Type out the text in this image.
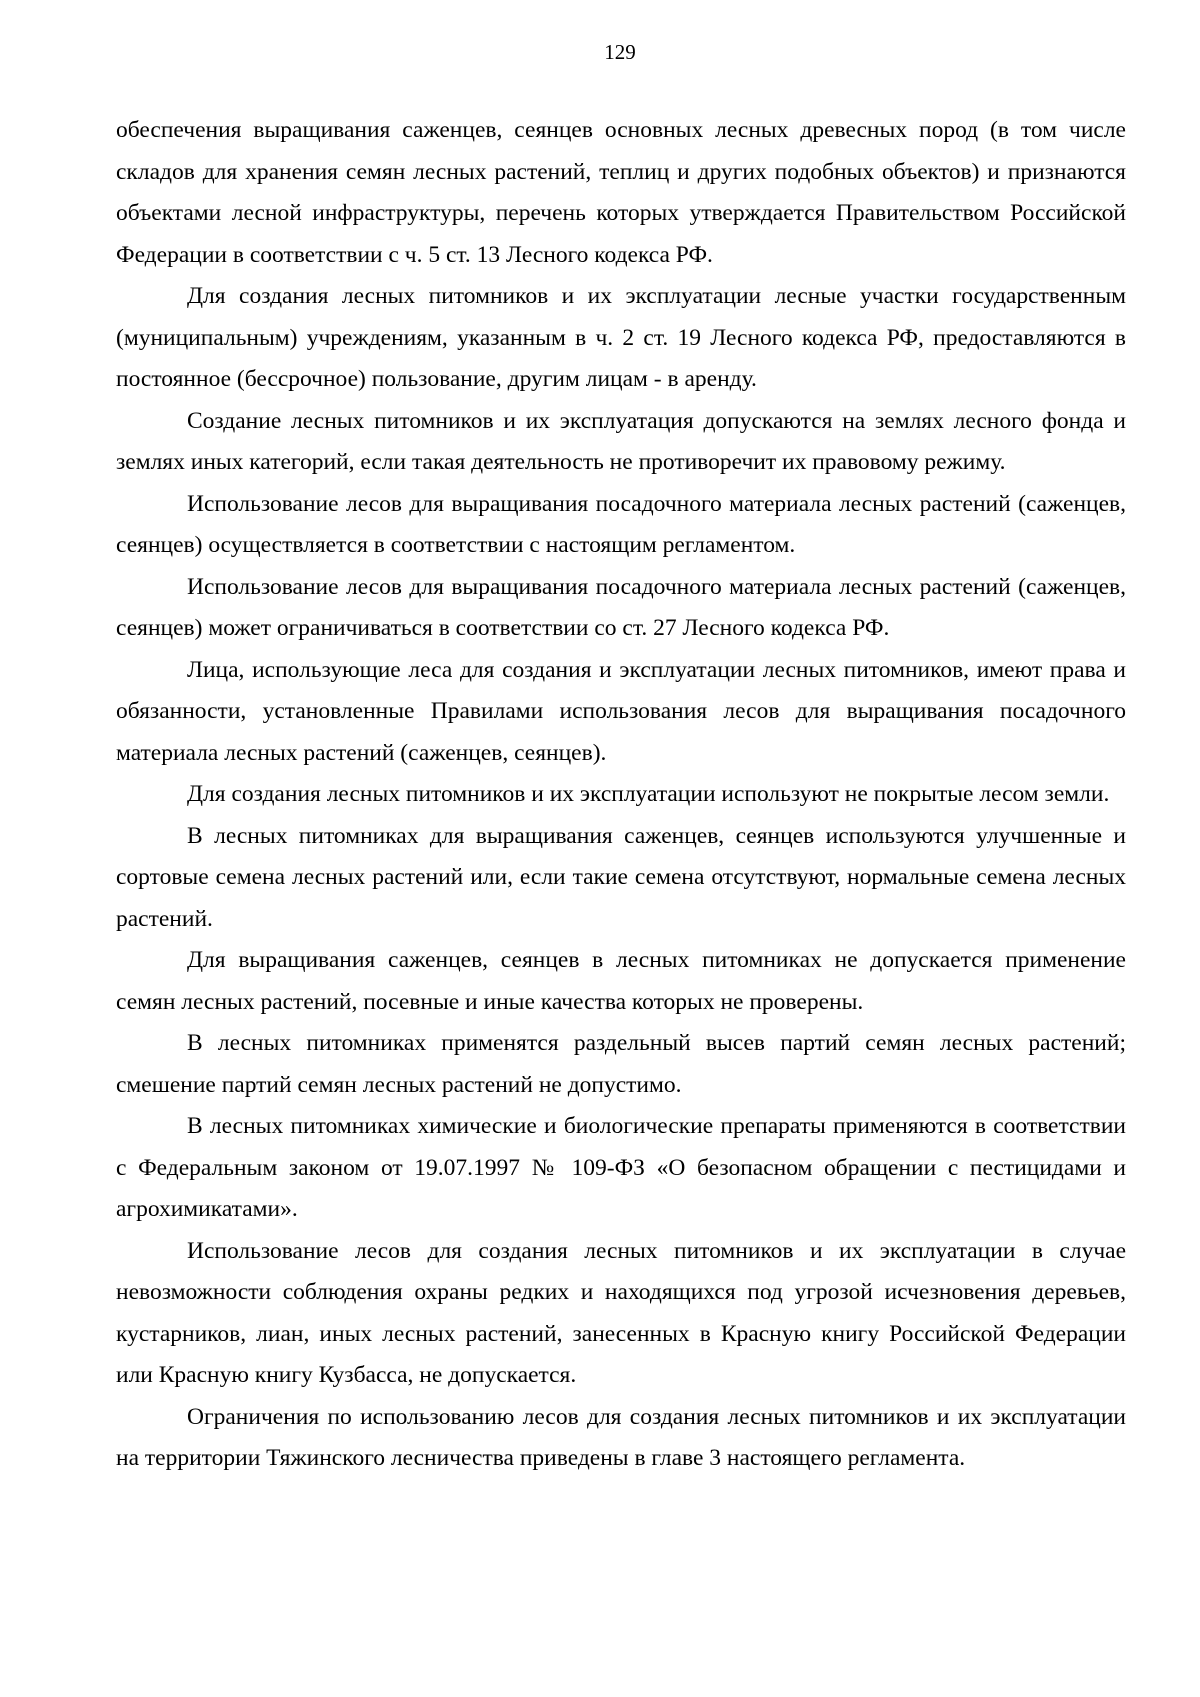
129

обеспечения выращивания саженцев, сеянцев основных лесных древесных пород (в том числе складов для хранения семян лесных растений, теплиц и других подобных объектов) и признаются объектами лесной инфраструктуры, перечень которых утверждается Правительством Российской Федерации в соответствии с ч. 5 ст. 13 Лесного кодекса РФ.

Для создания лесных питомников и их эксплуатации лесные участки государственным (муниципальным) учреждениям, указанным в ч. 2 ст. 19 Лесного кодекса РФ, предоставляются в постоянное (бессрочное) пользование, другим лицам - в аренду.

Создание лесных питомников и их эксплуатация допускаются на землях лесного фонда и землях иных категорий, если такая деятельность не противоречит их правовому режиму.

Использование лесов для выращивания посадочного материала лесных растений (саженцев, сеянцев) осуществляется в соответствии с настоящим регламентом.

Использование лесов для выращивания посадочного материала лесных растений (саженцев, сеянцев) может ограничиваться в соответствии со ст. 27 Лесного кодекса РФ.

Лица, использующие леса для создания и эксплуатации лесных питомников, имеют права и обязанности, установленные Правилами использования лесов для выращивания посадочного материала лесных растений (саженцев, сеянцев).

Для создания лесных питомников и их эксплуатации используют не покрытые лесом земли.

В лесных питомниках для выращивания саженцев, сеянцев используются улучшенные и сортовые семена лесных растений или, если такие семена отсутствуют, нормальные семена лесных растений.

Для выращивания саженцев, сеянцев в лесных питомниках не допускается применение семян лесных растений, посевные и иные качества которых не проверены.

В лесных питомниках применятся раздельный высев партий семян лесных растений; смешение партий семян лесных растений не допустимо.

В лесных питомниках химические и биологические препараты применяются в соответствии с Федеральным законом от 19.07.1997 № 109-ФЗ «О безопасном обращении с пестицидами и агрохимикатами».

Использование лесов для создания лесных питомников и их эксплуатации в случае невозможности соблюдения охраны редких и находящихся под угрозой исчезновения деревьев, кустарников, лиан, иных лесных растений, занесенных в Красную книгу Российской Федерации или Красную книгу Кузбасса, не допускается.

Ограничения по использованию лесов для создания лесных питомников и их эксплуатации на территории Тяжинского лесничества приведены в главе 3 настоящего регламента.
